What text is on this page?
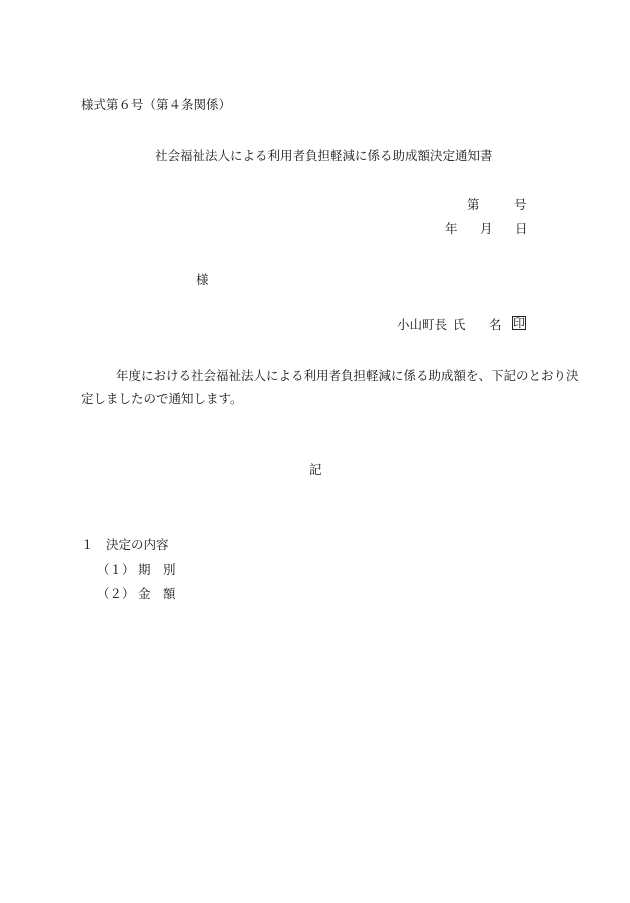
様式第６号（第４条関係）
社会福祉法人による利用者負担軽減に係る助成額決定通知書
第	号
年 月 日
様
小山町長 氏 名 印
年度における社会福祉法人による利用者負担軽減に係る助成額を、下記のとおり決
定しましたので通知します。
記
１　決定の内容
（１） 期　別
（２） 金　額
